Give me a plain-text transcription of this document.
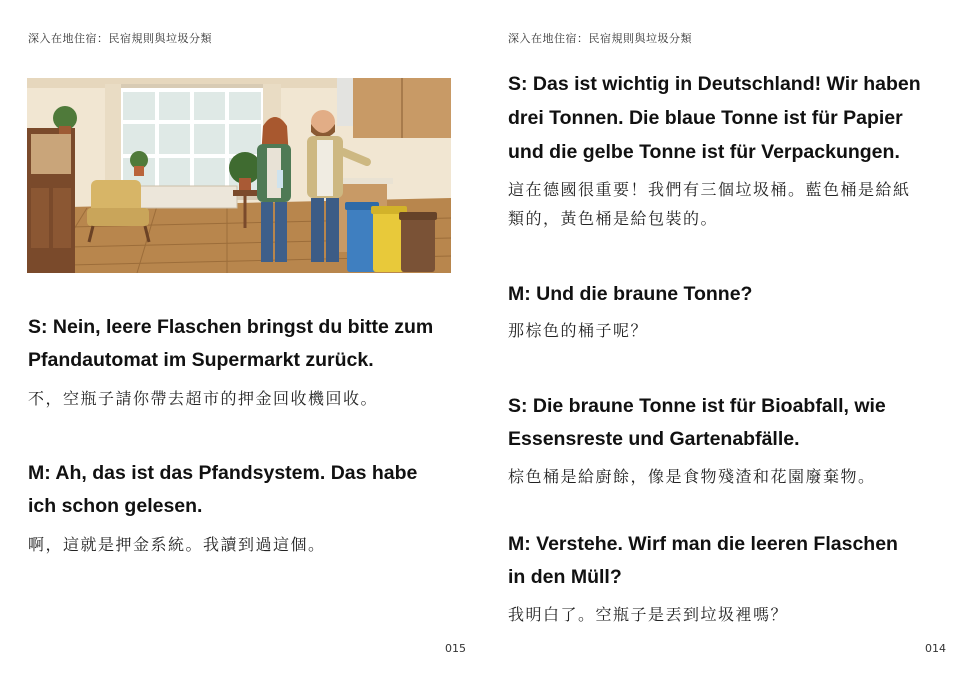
深入在地住宿：民宿規則與垃圾分類
S: Nein, leere Flaschen bringst du bitte zum
Pfandautomat im Supermarkt zurück.
不，空瓶子請你帶去超市的押金回收機回收。
M: Ah, das ist das Pfandsystem. Das habe
ich schon gelesen.
啊，這就是押金系統。我讀到過這個。
015
深入在地住宿：民宿規則與垃圾分類
S: Das ist wichtig in Deutschland! Wir haben
drei Tonnen. Die blaue Tonne ist für Papier
und die gelbe Tonne ist für Verpackungen.
這在德國很重要！我們有三個垃圾桶。藍色桶是給紙
類的，黃色桶是給包裝的。
M: Und die braune Tonne?
那棕色的桶子呢？
S: Die braune Tonne ist für Bioabfall, wie
Essensreste und Gartenabfälle.
棕色桶是給廚餘，像是食物殘渣和花園廢棄物。
M: Verstehe. Wirf man die leeren Flaschen
in den Müll?
我明白了。空瓶子是丟到垃圾裡嗎？
014
